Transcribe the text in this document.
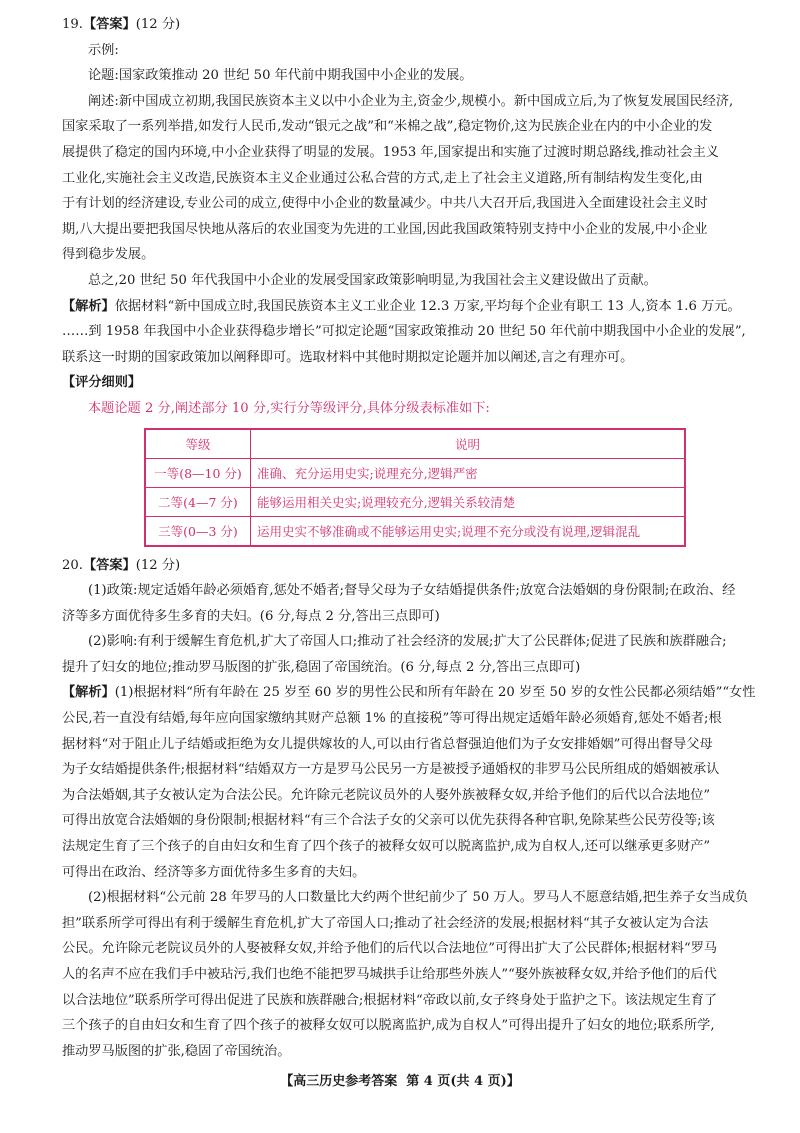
19.【答案】(12 分)
示例:
论题:国家政策推动 20 世纪 50 年代前中期我国中小企业的发展。
阐述:新中国成立初期,我国民族资本主义以中小企业为主,资金少,规模小。新中国成立后,为了恢复发展国民经济,
国家采取了一系列举措,如发行人民币,发动“银元之战”和“米棉之战”,稳定物价,这为民族企业在内的中小企业的发
展提供了稳定的国内环境,中小企业获得了明显的发展。1953 年,国家提出和实施了过渡时期总路线,推动社会主义
工业化,实施社会主义改造,民族资本主义企业通过公私合营的方式,走上了社会主义道路,所有制结构发生变化,由
于有计划的经济建设,专业公司的成立,使得中小企业的数量减少。中共八大召开后,我国进入全面建设社会主义时
期,八大提出要把我国尽快地从落后的农业国变为先进的工业国,因此我国政策特别支持中小企业的发展,中小企业
得到稳步发展。
总之,20 世纪 50 年代我国中小企业的发展受国家政策影响明显,为我国社会主义建设做出了贡献。
【解析】依据材料“新中国成立时,我国民族资本主义工业企业 12.3 万家,平均每个企业有职工 13 人,资本 1.6 万元。
……到 1958 年我国中小企业获得稳步增长”可拟定论题“国家政策推动 20 世纪 50 年代前中期我国中小企业的发展”,
联系这一时期的国家政策加以阐释即可。选取材料中其他时期拟定论题并加以阐述,言之有理亦可。
【评分细则】
本题论题 2 分,阐述部分 10 分,实行分等级评分,具体分级表标准如下:
等级	说明
一等(8—10 分)	准确、充分运用史实;说理充分,逻辑严密
二等(4—7 分)	能够运用相关史实;说理较充分,逻辑关系较清楚
三等(0—3 分)	运用史实不够准确或不能够运用史实;说理不充分或没有说理,逻辑混乱
20.【答案】(12 分)
(1)政策:规定适婚年龄必须婚育,惩处不婚者;督导父母为子女结婚提供条件;放宽合法婚姻的身份限制;在政治、经
济等多方面优待多生多育的夫妇。(6 分,每点 2 分,答出三点即可)
(2)影响:有利于缓解生育危机,扩大了帝国人口;推动了社会经济的发展;扩大了公民群体;促进了民族和族群融合;
提升了妇女的地位;推动罗马版图的扩张,稳固了帝国统治。(6 分,每点 2 分,答出三点即可)
【解析】(1)根据材料“所有年龄在 25 岁至 60 岁的男性公民和所有年龄在 20 岁至 50 岁的女性公民都必须结婚”“女性
公民,若一直没有结婚,每年应向国家缴纳其财产总额 1% 的直接税”等可得出规定适婚年龄必须婚育,惩处不婚者;根
据材料“对于阻止儿子结婚或拒绝为女儿提供嫁妆的人,可以由行省总督强迫他们为子女安排婚姻”可得出督导父母
为子女结婚提供条件;根据材料“结婚双方一方是罗马公民另一方是被授予通婚权的非罗马公民所组成的婚姻被承认
为合法婚姻,其子女被认定为合法公民。允许除元老院议员外的人娶外族被释女奴,并给予他们的后代以合法地位”
可得出放宽合法婚姻的身份限制;根据材料“有三个合法子女的父亲可以优先获得各种官职,免除某些公民劳役等;该
法规定生育了三个孩子的自由妇女和生育了四个孩子的被释女奴可以脱离监护,成为自权人,还可以继承更多财产”
可得出在政治、经济等多方面优待多生多育的夫妇。
(2)根据材料“公元前 28 年罗马的人口数量比大约两个世纪前少了 50 万人。罗马人不愿意结婚,把生养子女当成负
担”联系所学可得出有利于缓解生育危机,扩大了帝国人口;推动了社会经济的发展;根据材料“其子女被认定为合法
公民。允许除元老院议员外的人娶被释女奴,并给予他们的后代以合法地位”可得出扩大了公民群体;根据材料“罗马
人的名声不应在我们手中被玷污,我们也绝不能把罗马城拱手让给那些外族人”“娶外族被释女奴,并给予他们的后代
以合法地位”联系所学可得出促进了民族和族群融合;根据材料“帝政以前,女子终身处于监护之下。该法规定生育了
三个孩子的自由妇女和生育了四个孩子的被释女奴可以脱离监护,成为自权人”可得出提升了妇女的地位;联系所学,
推动罗马版图的扩张,稳固了帝国统治。
【高三历史参考答案 第 4 页(共 4 页)】
